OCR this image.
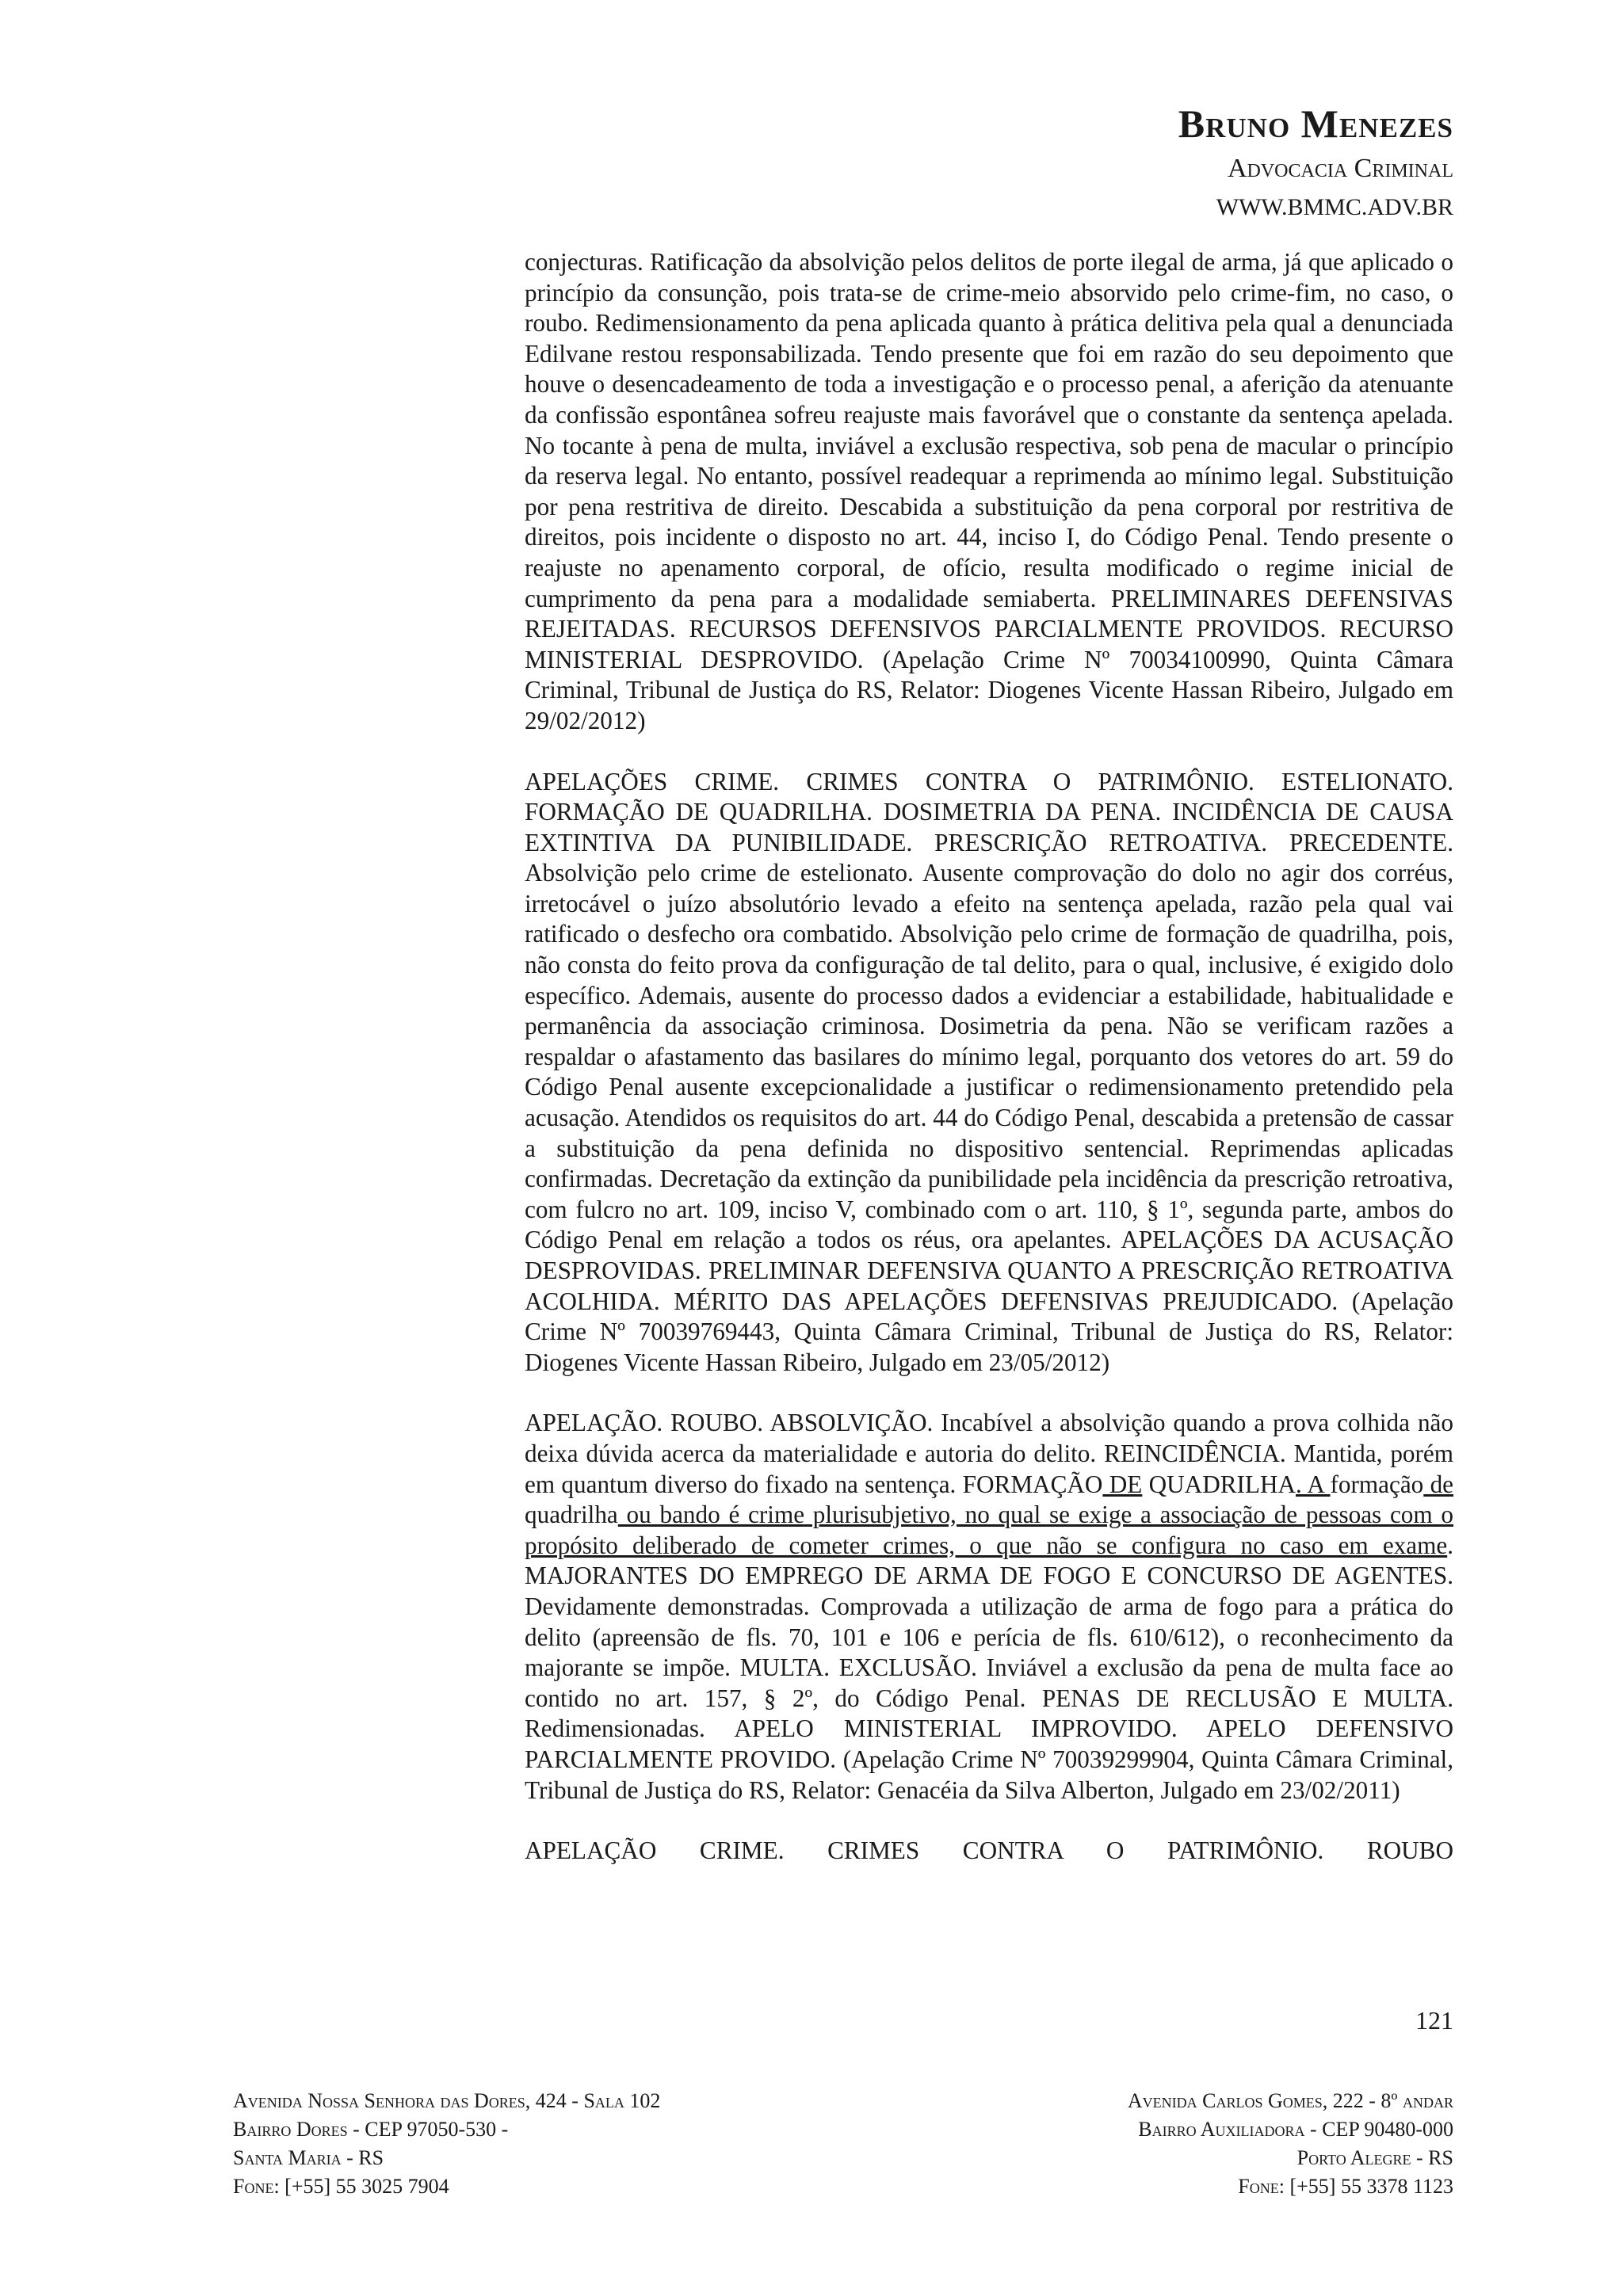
Bruno Menezes
Advocacia Criminal
WWW.BMMC.ADV.BR

conjecturas. Ratificação da absolvição pelos delitos de porte ilegal de arma, já que aplicado o princípio da consunção, pois trata-se de crime-meio absorvido pelo crime-fim, no caso, o roubo. Redimensionamento da pena aplicada quanto à prática delitiva pela qual a denunciada Edilvane restou responsabilizada. Tendo presente que foi em razão do seu depoimento que houve o desencadeamento de toda a investigação e o processo penal, a aferição da atenuante da confissão espontânea sofreu reajuste mais favorável que o constante da sentença apelada. No tocante à pena de multa, inviável a exclusão respectiva, sob pena de macular o princípio da reserva legal. No entanto, possível readequar a reprimenda ao mínimo legal. Substituição por pena restritiva de direito. Descabida a substituição da pena corporal por restritiva de direitos, pois incidente o disposto no art. 44, inciso I, do Código Penal. Tendo presente o reajuste no apenamento corporal, de ofício, resulta modificado o regime inicial de cumprimento da pena para a modalidade semiaberta. PRELIMINARES DEFENSIVAS REJEITADAS. RECURSOS DEFENSIVOS PARCIALMENTE PROVIDOS. RECURSO MINISTERIAL DESPROVIDO. (Apelação Crime Nº 70034100990, Quinta Câmara Criminal, Tribunal de Justiça do RS, Relator: Diogenes Vicente Hassan Ribeiro, Julgado em 29/02/2012)

APELAÇÕES CRIME. CRIMES CONTRA O PATRIMÔNIO. ESTELIONATO. FORMAÇÃO DE QUADRILHA. DOSIMETRIA DA PENA. INCIDÊNCIA DE CAUSA EXTINTIVA DA PUNIBILIDADE. PRESCRIÇÃO RETROATIVA. PRECEDENTE. Absolvição pelo crime de estelionato. Ausente comprovação do dolo no agir dos corréus, irretocável o juízo absolutório levado a efeito na sentença apelada, razão pela qual vai ratificado o desfecho ora combatido. Absolvição pelo crime de formação de quadrilha, pois, não consta do feito prova da configuração de tal delito, para o qual, inclusive, é exigido dolo específico. Ademais, ausente do processo dados a evidenciar a estabilidade, habitualidade e permanência da associação criminosa. Dosimetria da pena. Não se verificam razões a respaldar o afastamento das basilares do mínimo legal, porquanto dos vetores do art. 59 do Código Penal ausente excepcionalidade a justificar o redimensionamento pretendido pela acusação. Atendidos os requisitos do art. 44 do Código Penal, descabida a pretensão de cassar a substituição da pena definida no dispositivo sentencial. Reprimendas aplicadas confirmadas. Decretação da extinção da punibilidade pela incidência da prescrição retroativa, com fulcro no art. 109, inciso V, combinado com o art. 110, § 1º, segunda parte, ambos do Código Penal em relação a todos os réus, ora apelantes. APELAÇÕES DA ACUSAÇÃO DESPROVIDAS. PRELIMINAR DEFENSIVA QUANTO A PRESCRIÇÃO RETROATIVA ACOLHIDA. MÉRITO DAS APELAÇÕES DEFENSIVAS PREJUDICADO. (Apelação Crime Nº 70039769443, Quinta Câmara Criminal, Tribunal de Justiça do RS, Relator: Diogenes Vicente Hassan Ribeiro, Julgado em 23/05/2012)

APELAÇÃO. ROUBO. ABSOLVIÇÃO. Incabível a absolvição quando a prova colhida não deixa dúvida acerca da materialidade e autoria do delito. REINCIDÊNCIA. Mantida, porém em quantum diverso do fixado na sentença. FORMAÇÃO DE QUADRILHA. A formação de quadrilha ou bando é crime plurisubjetivo, no qual se exige a associação de pessoas com o propósito deliberado de cometer crimes, o que não se configura no caso em exame. MAJORANTES DO EMPREGO DE ARMA DE FOGO E CONCURSO DE AGENTES. Devidamente demonstradas. Comprovada a utilização de arma de fogo para a prática do delito (apreensão de fls. 70, 101 e 106 e perícia de fls. 610/612), o reconhecimento da majorante se impõe. MULTA. EXCLUSÃO. Inviável a exclusão da pena de multa face ao contido no art. 157, § 2º, do Código Penal. PENAS DE RECLUSÃO E MULTA. Redimensionadas. APELO MINISTERIAL IMPROVIDO. APELO DEFENSIVO PARCIALMENTE PROVIDO. (Apelação Crime Nº 70039299904, Quinta Câmara Criminal, Tribunal de Justiça do RS, Relator: Genacéia da Silva Alberton, Julgado em 23/02/2011)

APELAÇÃO CRIME. CRIMES CONTRA O PATRIMÔNIO. ROUBO

121
Avenida Nossa Senhora das Dores, 424 - Sala 102
Bairro Dores - CEP 97050-530 -
Santa Maria - RS
Fone: [+55] 55 3025 7904
Avenida Carlos Gomes, 222 - 8º andar
Bairro Auxiliadora - CEP 90480-000
Porto Alegre - RS
Fone: [+55] 55 3378 1123
